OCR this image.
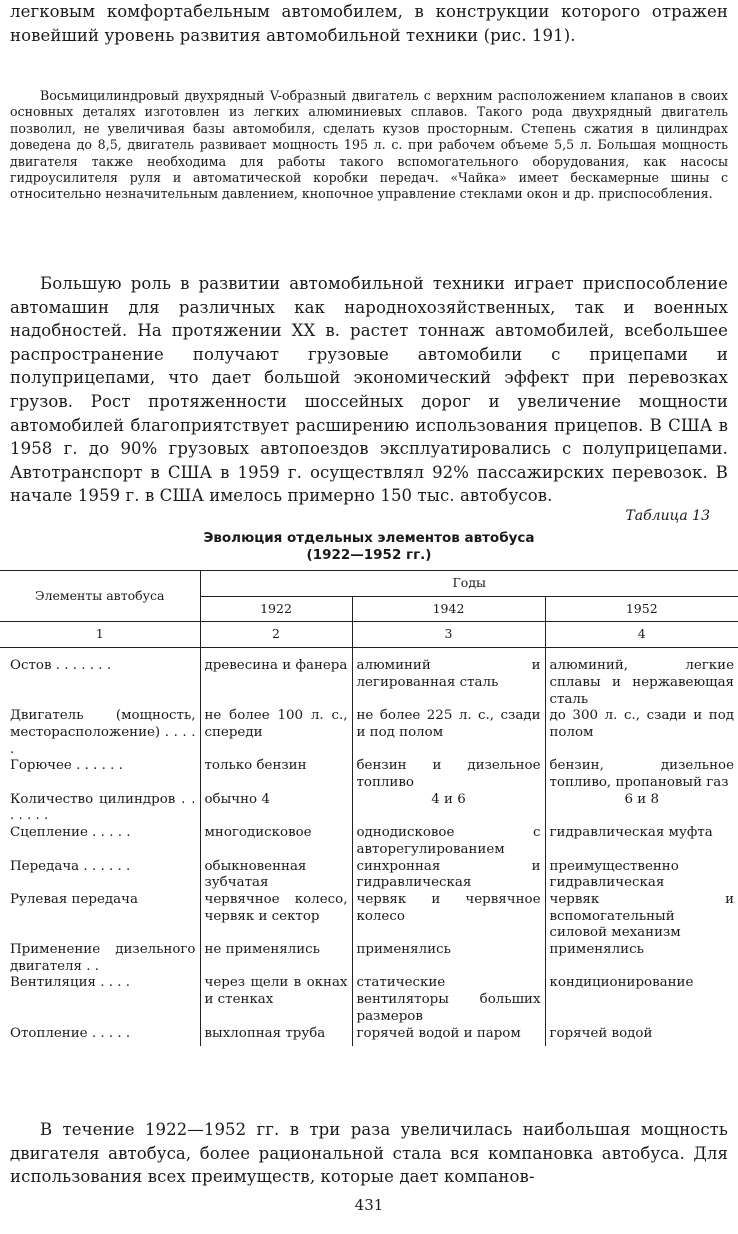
легковым комфортабельным автомобилем, в конструкции которого отражен новейший уровень развития автомобильной техники (рис. 191).
Восьмицилиндровый двухрядный V-образный двигатель с верхним расположением клапанов в своих основных деталях изготовлен из легких алюминиевых сплавов. Такого рода двухрядный двигатель позволил, не увеличивая базы автомобиля, сделать кузов просторным. Степень сжатия в цилиндрах доведена до 8,5, двигатель развивает мощность 195 л. с. при рабочем объеме 5,5 л. Большая мощность двигателя также необходима для работы такого вспомогательного оборудования, как насосы гидроусилителя руля и автоматической коробки передач. «Чайка» имеет бескамерные шины с относительно незначительным давлением, кнопочное управление стеклами окон и др. приспособления.
Большую роль в развитии автомобильной техники играет приспособление автомашин для различных как народнохозяйственных, так и военных надобностей. На протяжении XX в. растет тоннаж автомобилей, всебольшее распространение получают грузовые автомобили с прицепами и полуприцепами, что дает большой экономический эффект при перевозках грузов. Рост протяженности шоссейных дорог и увеличение мощности автомобилей благоприятствует расширению использования прицепов. В США в 1958 г. до 90% грузовых автопоездов эксплуатировались с полуприцепами. Автотранспорт в США в 1959 г. осуществлял 92% пассажирских перевозок. В начале 1959 г. в США имелось примерно 150 тыс. автобусов.
Таблица 13
Эволюция отдельных элементов автобуса
(1922—1952 гг.)
Элементы автобуса	Годы		
	1922	1942	1952
1	2	3	4

Остов . . . . . . .	древесина и фанера	алюминий и легированная сталь	алюминий, легкие сплавы и нержавеющая сталь
Двигатель (мощность, месторасположение) . . . . .	не более 100 л. с., спереди	не более 225 л. с., сзади и под полом	до 300 л. с., сзади и под полом
Горючее . . . . . .	только бензин	бензин и дизельное топливо	бензин, дизельное топливо, пропановый газ
Количество цилиндров . . . . . . .	обычно 4	4 и 6	6 и 8
Сцепление . . . . .	многодисковое	однодисковое с авторегулированием	гидравлическая муфта
Передача . . . . . .	обыкновенная зубчатая	синхронная и гидравлическая	преимущественно гидравлическая
Рулевая передача	червячное колесо, червяк и сектор	червяк и червячное колесо	червяк и вспомогательный силовой механизм
Применение дизельного двигателя . .	не применялись	применялись	применялись
Вентиляция . . . .	через щели в окнах и стенках	статические вентиляторы больших размеров	кондиционирование
Отопление . . . . .	выхлопная труба	горячей водой и паром	горячей водой
В течение 1922—1952 гг. в три раза увеличилась наибольшая мощность двигателя автобуса, более рациональной стала вся компановка автобуса. Для использования всех преимуществ, которые дает компанов-
431
